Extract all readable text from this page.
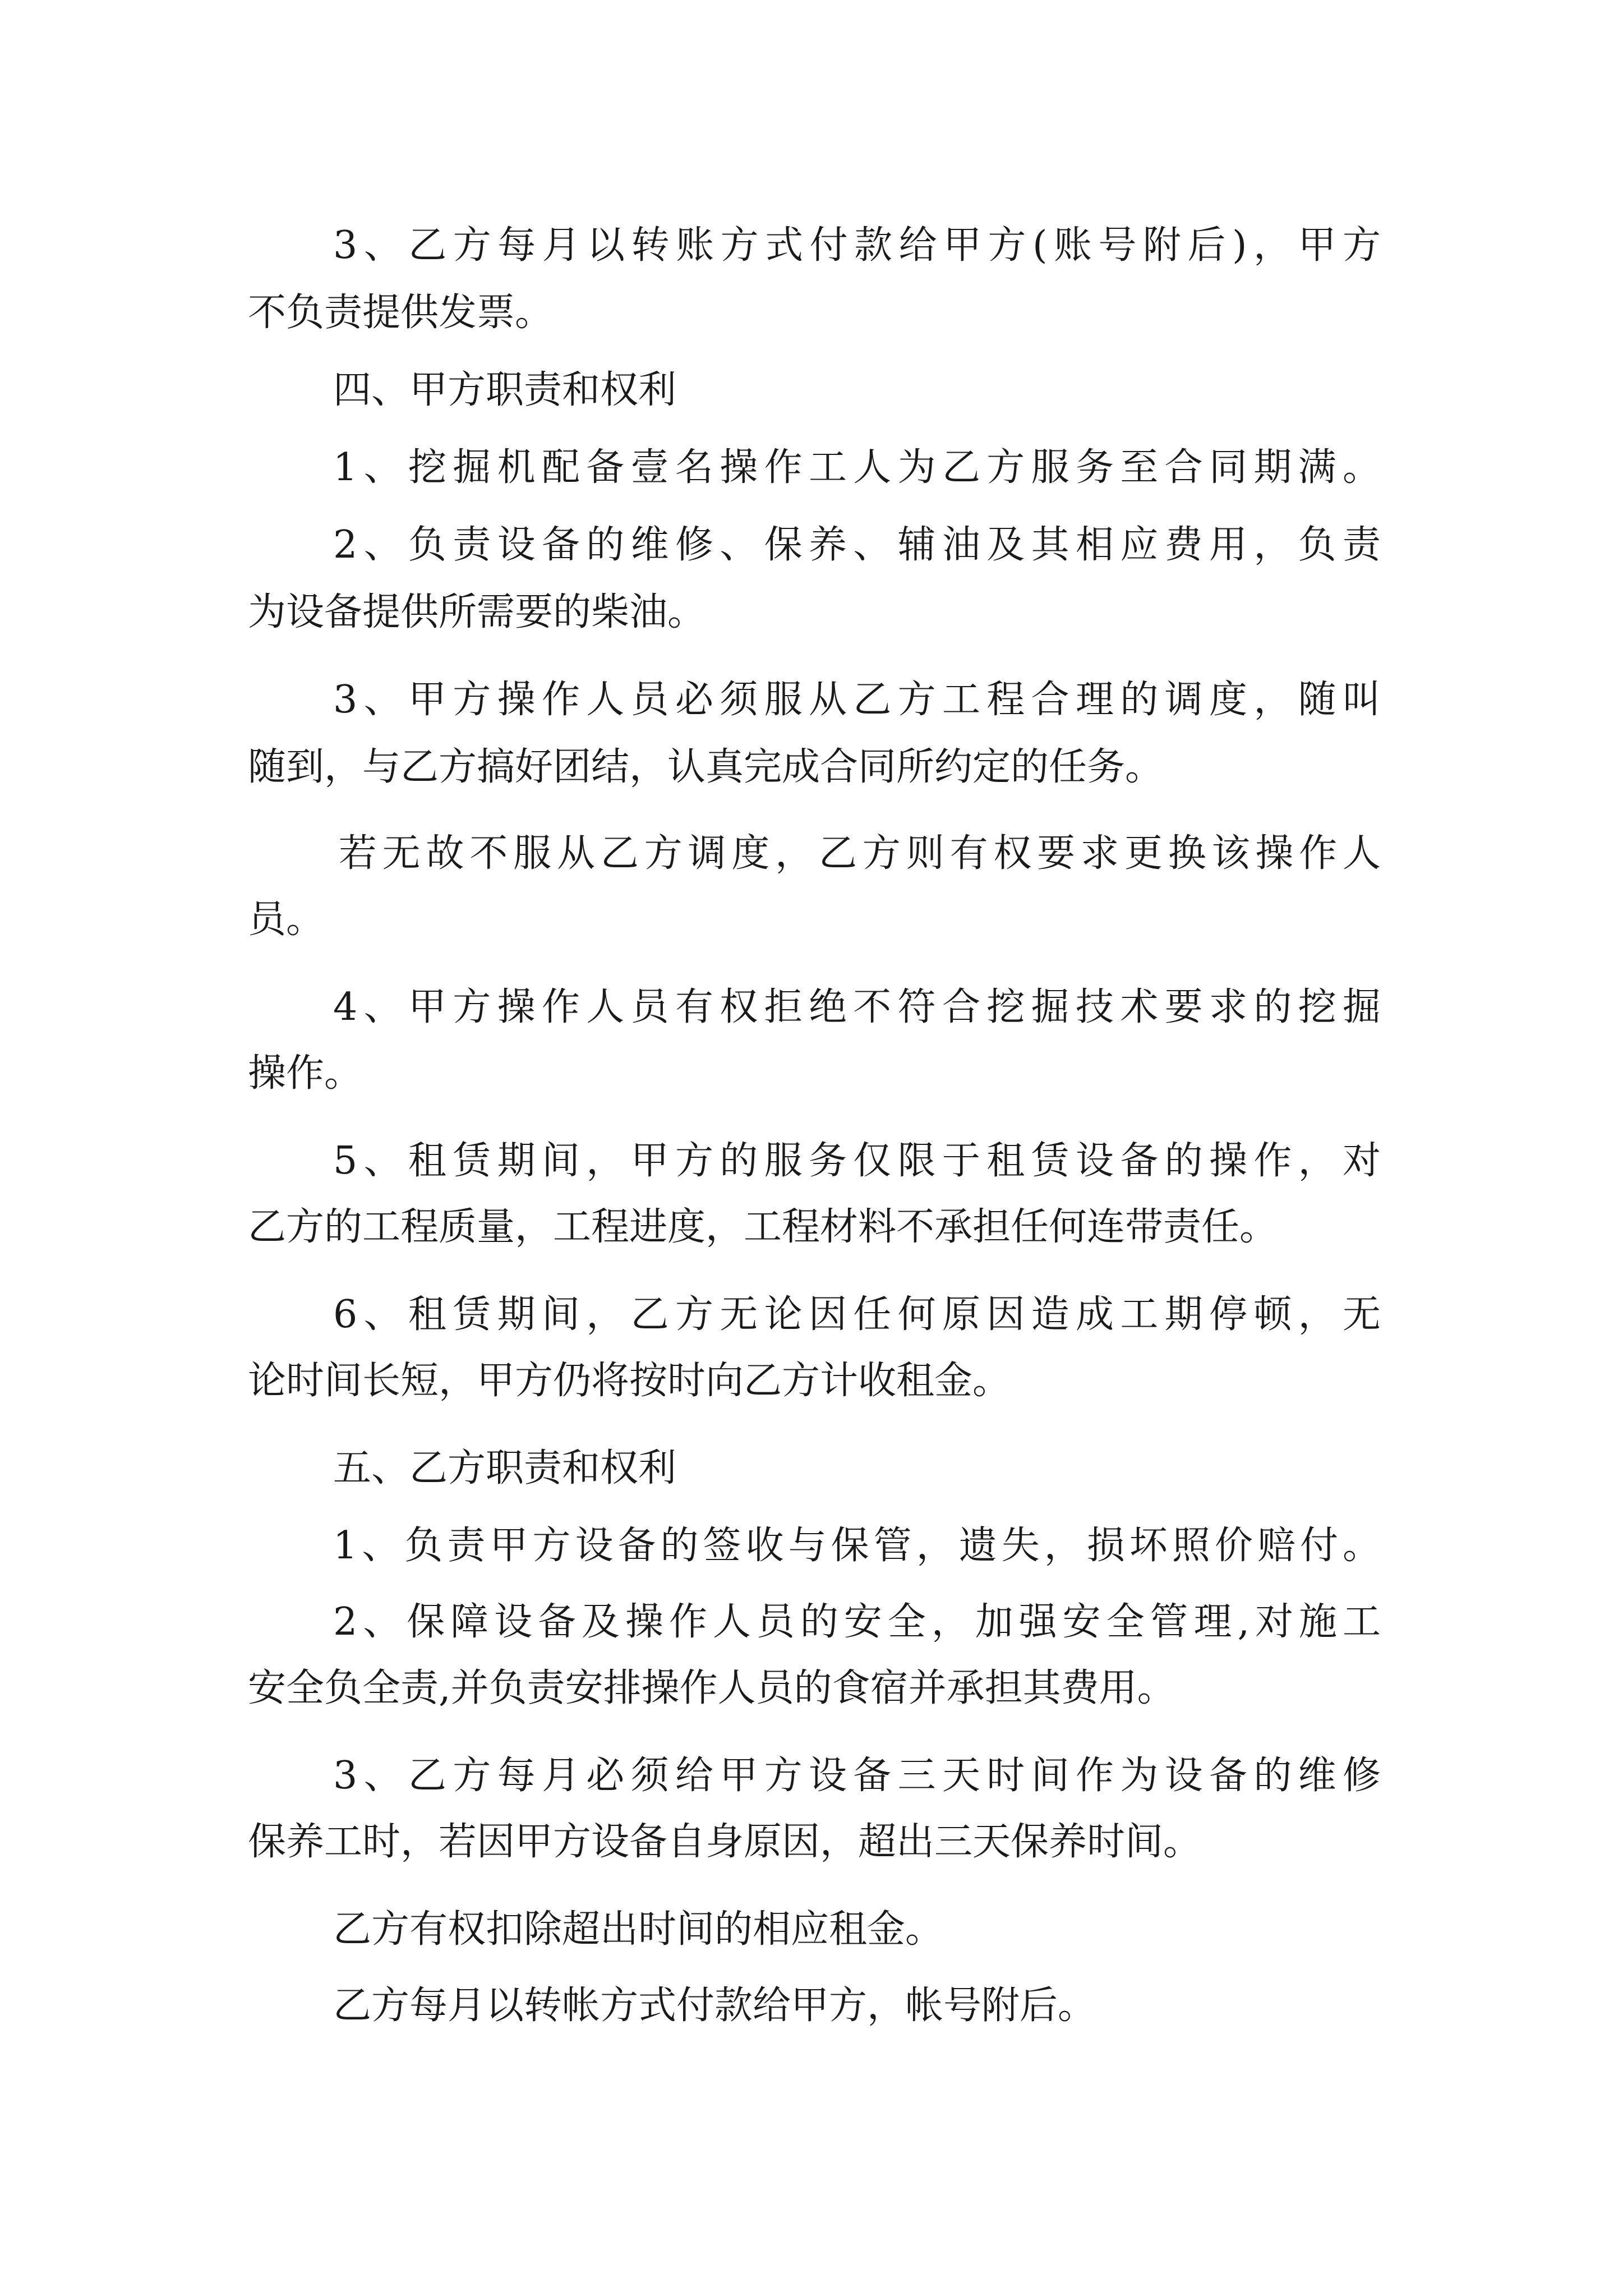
3、乙方每月以转账方式付款给甲方(账号附后)，甲方
不负责提供发票。
四、甲方职责和权利
1、挖掘机配备壹名操作工人为乙方服务至合同期满。
2、负责设备的维修、保养、辅油及其相应费用，负责
为设备提供所需要的柴油。
3、甲方操作人员必须服从乙方工程合理的调度，随叫
随到，与乙方搞好团结，认真完成合同所约定的任务。
若无故不服从乙方调度，乙方则有权要求更换该操作人
员。
4、甲方操作人员有权拒绝不符合挖掘技术要求的挖掘
操作。
5、租赁期间，甲方的服务仅限于租赁设备的操作，对
乙方的工程质量，工程进度，工程材料不承担任何连带责任。
6、租赁期间，乙方无论因任何原因造成工期停顿，无
论时间长短，甲方仍将按时向乙方计收租金。
五、乙方职责和权利
1、负责甲方设备的签收与保管，遗失，损坏照价赔付。
2、保障设备及操作人员的安全，加强安全管理,对施工
安全负全责,并负责安排操作人员的食宿并承担其费用。
3、乙方每月必须给甲方设备三天时间作为设备的维修
保养工时，若因甲方设备自身原因，超出三天保养时间。
乙方有权扣除超出时间的相应租金。
乙方每月以转帐方式付款给甲方，帐号附后。
